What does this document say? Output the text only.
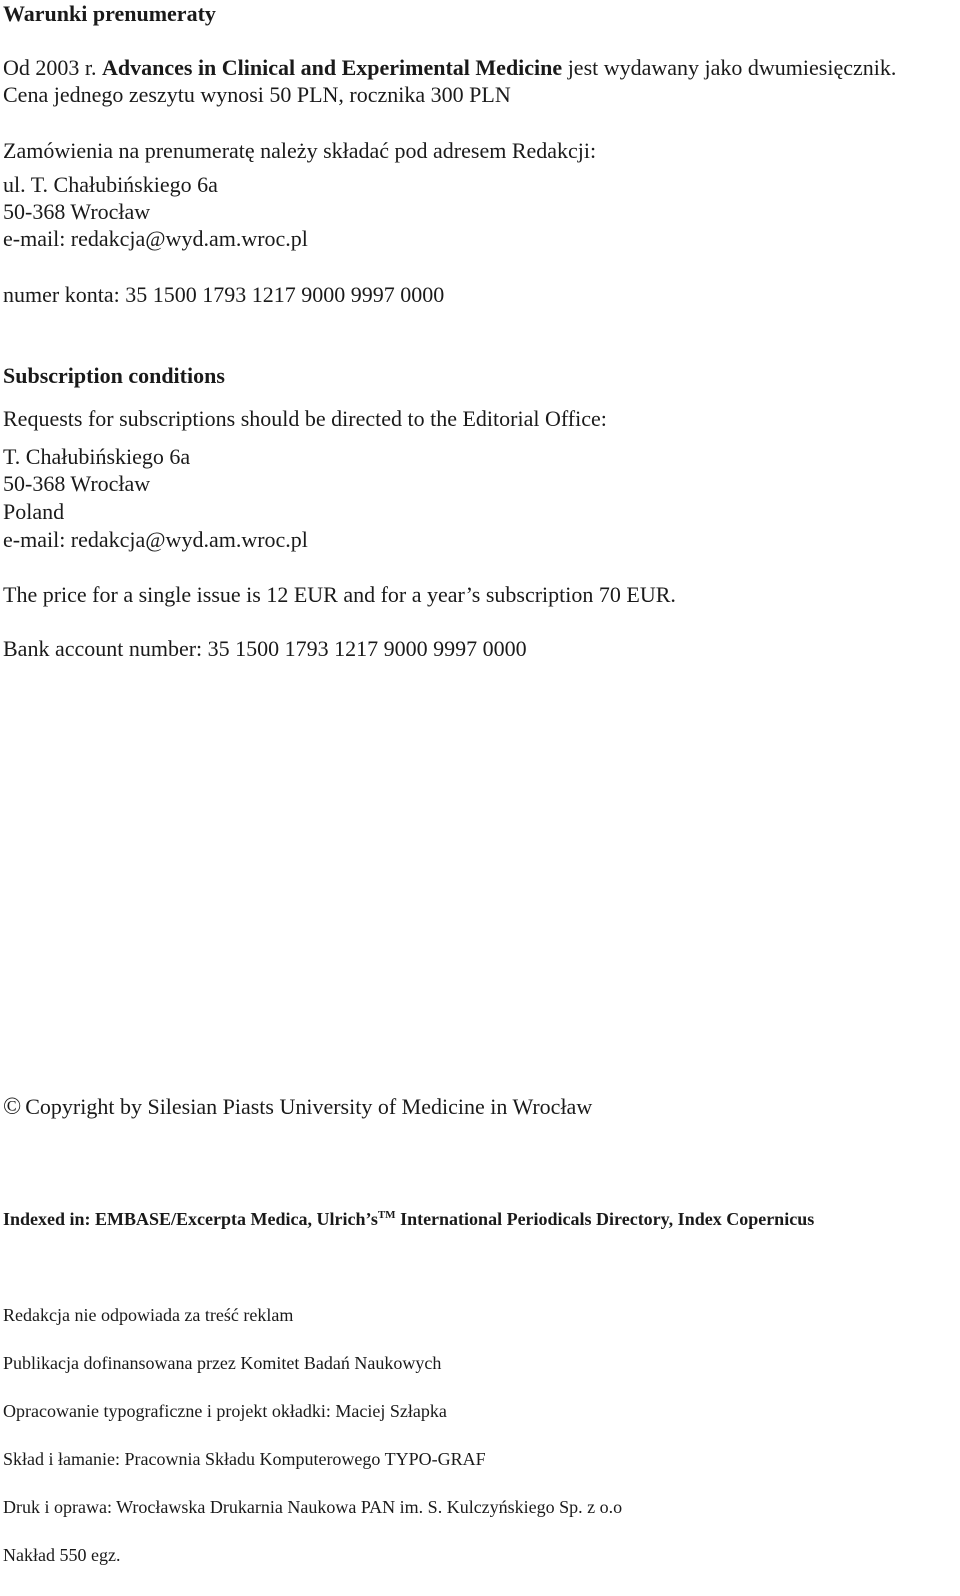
Warunki prenumeraty
Od 2003 r. Advances in Clinical and Experimental Medicine jest wydawany jako dwumiesięcznik.
Cena jednego zeszytu wynosi 50 PLN, rocznika 300 PLN
Zamówienia na prenumeratę należy składać pod adresem Redakcji:
ul. T. Chałubińskiego 6a
50-368 Wrocław
e-mail: redakcja@wyd.am.wroc.pl
numer konta: 35 1500 1793 1217 9000 9997 0000
Subscription conditions
Requests for subscriptions should be directed to the Editorial Office:
T. Chałubińskiego 6a
50-368 Wrocław
Poland
e-mail: redakcja@wyd.am.wroc.pl
The price for a single issue is 12 EUR and for a year’s subscription 70 EUR.
Bank account number: 35 1500 1793 1217 9000 9997 0000
© Copyright by Silesian Piasts University of Medicine in Wrocław
Indexed in: EMBASE/Excerpta Medica, Ulrich’s™ International Periodicals Directory, Index Copernicus
Redakcja nie odpowiada za treść reklam
Publikacja dofinansowana przez Komitet Badań Naukowych
Opracowanie typograficzne i projekt okładki: Maciej Szłapka
Skład i łamanie: Pracownia Składu Komputerowego TYPO-GRAF
Druk i oprawa: Wrocławska Drukarnia Naukowa PAN im. S. Kulczyńskiego Sp. z o.o
Nakład 550 egz.
